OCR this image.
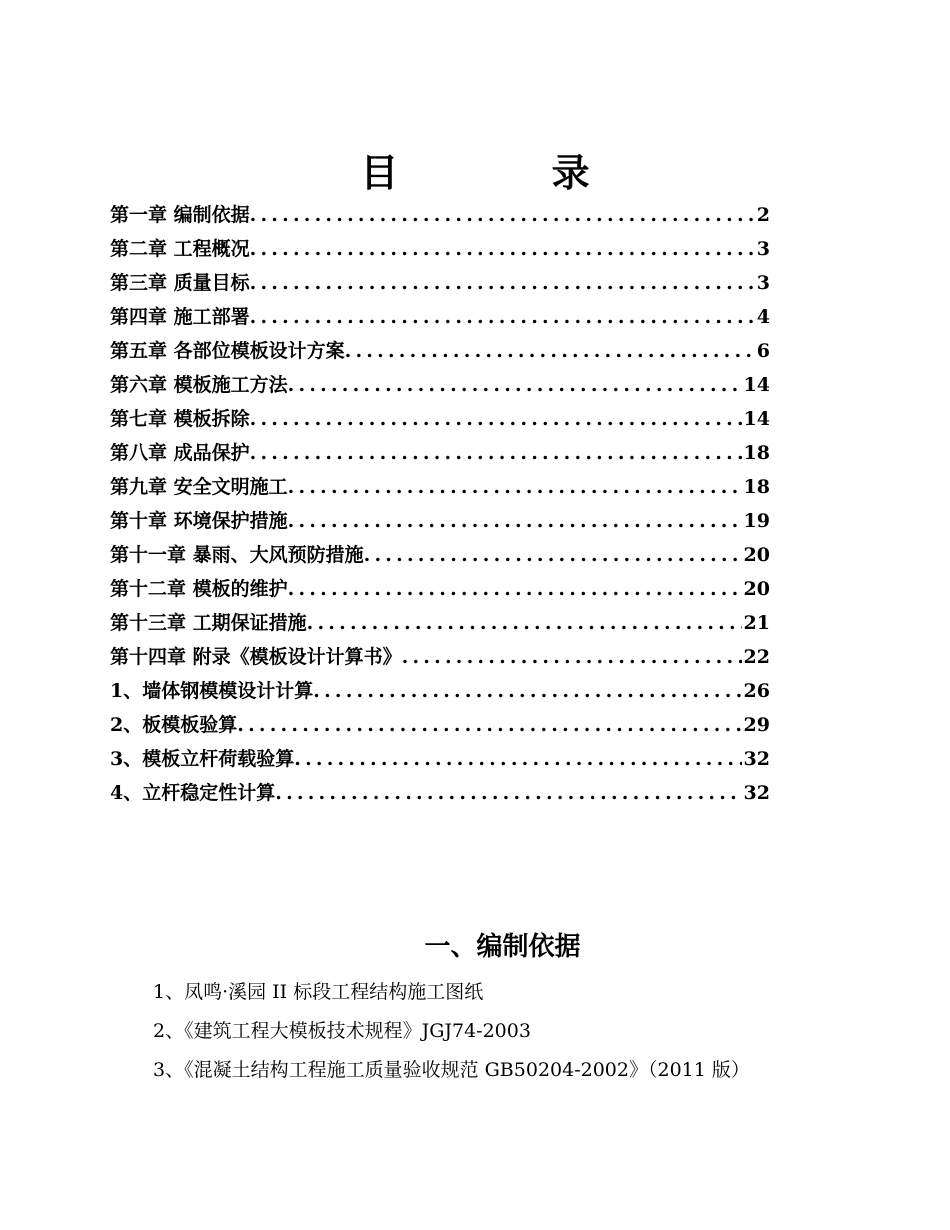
目 录
第一章 编制依据 . . .	2
第二章 工程概况 . . .	3
第三章 质量目标 . . .	3
第四章 施工部署 . . .	4
第五章 各部位模板设计方案 . . .	6
第六章 模板施工方法 . . .	14
第七章 模板拆除 . . .	14
第八章 成品保护 . . .	18
第九章 安全文明施工 . . .	18
第十章 环境保护措施 . . .	19
第十一章 暴雨、大风预防措施 . . .	20
第十二章 模板的维护 . . .	20
第十三章 工期保证措施 . . .	21
第十四章 附录《模板设计计算书》 . . .	22
1、墙体钢模模设计计算 . . .	26
2、板模板验算 . . .	29
3、模板立杆荷载验算 . . .	32
4、立杆稳定性计算 . . .	32
一、编制依据
1、凤鸣·溪园 II 标段工程结构施工图纸
2、《建筑工程大模板技术规程》JGJ74-2003
3、《混凝土结构工程施工质量验收规范 GB50204-2002》（2011 版）
